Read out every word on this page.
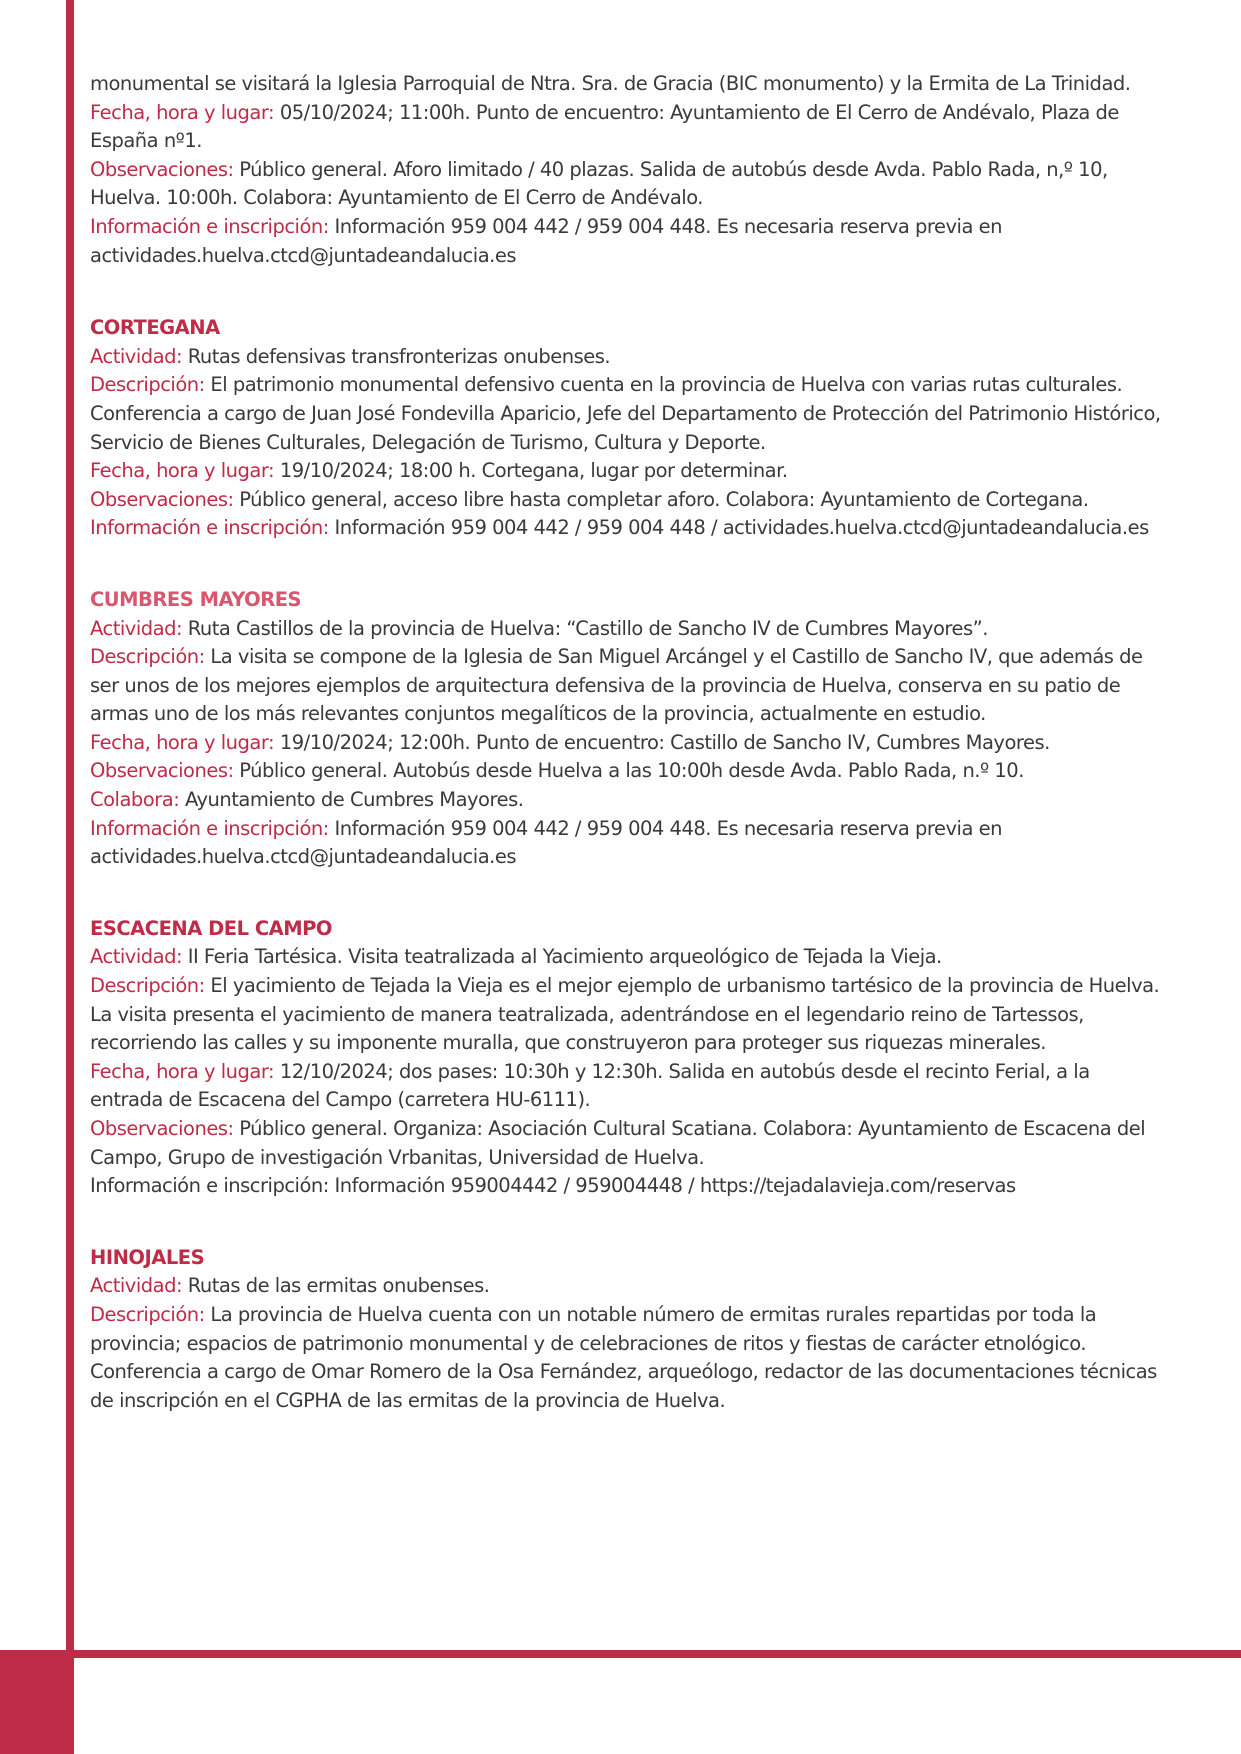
monumental se visitará la Iglesia Parroquial de Ntra. Sra. de Gracia (BIC monumento) y la Ermita de La Trinidad.

Fecha, hora y lugar: 05/10/2024; 11:00h. Punto de encuentro: Ayuntamiento de El Cerro de Andévalo, Plaza de España nº1.

Observaciones: Público general. Aforo limitado / 40 plazas. Salida de autobús desde Avda. Pablo Rada, n,º 10, Huelva. 10:00h. Colabora: Ayuntamiento de El Cerro de Andévalo.

Información e inscripción: Información 959 004 442 / 959 004 448. Es necesaria reserva previa en actividades.huelva.ctcd@juntadeandalucia.es

CORTEGANA

Actividad: Rutas defensivas transfronterizas onubenses.

Descripción: El patrimonio monumental defensivo cuenta en la provincia de Huelva con varias rutas culturales. Conferencia a cargo de Juan José Fondevilla Aparicio, Jefe del Departamento de Protección del Patrimonio Histórico, Servicio de Bienes Culturales, Delegación de Turismo, Cultura y Deporte.

Fecha, hora y lugar: 19/10/2024; 18:00 h. Cortegana, lugar por determinar.

Observaciones: Público general, acceso libre hasta completar aforo. Colabora: Ayuntamiento de Cortegana.

Información e inscripción: Información 959 004 442 / 959 004 448 / actividades.huelva.ctcd@juntadeandalucia.es

CUMBRES MAYORES

Actividad: Ruta Castillos de la provincia de Huelva: “Castillo de Sancho IV de Cumbres Mayores”.

Descripción: La visita se compone de la Iglesia de San Miguel Arcángel y el Castillo de Sancho IV, que además de ser unos de los mejores ejemplos de arquitectura defensiva de la provincia de Huelva, conserva en su patio de armas uno de los más relevantes conjuntos megalíticos de la provincia, actualmente en estudio.

Fecha, hora y lugar: 19/10/2024; 12:00h. Punto de encuentro: Castillo de Sancho IV, Cumbres Mayores.

Observaciones: Público general. Autobús desde Huelva a las 10:00h desde Avda. Pablo Rada, n.º 10.

Colabora: Ayuntamiento de Cumbres Mayores.

Información e inscripción: Información 959 004 442 / 959 004 448. Es necesaria reserva previa en actividades.huelva.ctcd@juntadeandalucia.es

ESCACENA DEL CAMPO

Actividad: II Feria Tartésica. Visita teatralizada al Yacimiento arqueológico de Tejada la Vieja.

Descripción: El yacimiento de Tejada la Vieja es el mejor ejemplo de urbanismo tartésico de la provincia de Huelva. La visita presenta el yacimiento de manera teatralizada, adentrándose en el legendario reino de Tartessos, recorriendo las calles y su imponente muralla, que construyeron para proteger sus riquezas minerales.

Fecha, hora y lugar: 12/10/2024; dos pases: 10:30h y 12:30h. Salida en autobús desde el recinto Ferial, a la entrada de Escacena del Campo (carretera HU-6111).

Observaciones: Público general. Organiza: Asociación Cultural Scatiana. Colabora: Ayuntamiento de Escacena del Campo, Grupo de investigación Vrbanitas, Universidad de Huelva.

Información e inscripción: Información 959004442 / 959004448 / https://tejadalavieja.com/reservas

HINOJALES

Actividad: Rutas de las ermitas onubenses.

Descripción: La provincia de Huelva cuenta con un notable número de ermitas rurales repartidas por toda la provincia; espacios de patrimonio monumental y de celebraciones de ritos y fiestas de carácter etnológico. Conferencia a cargo de Omar Romero de la Osa Fernández, arqueólogo, redactor de las documentaciones técnicas de inscripción en el CGPHA de las ermitas de la provincia de Huelva.
